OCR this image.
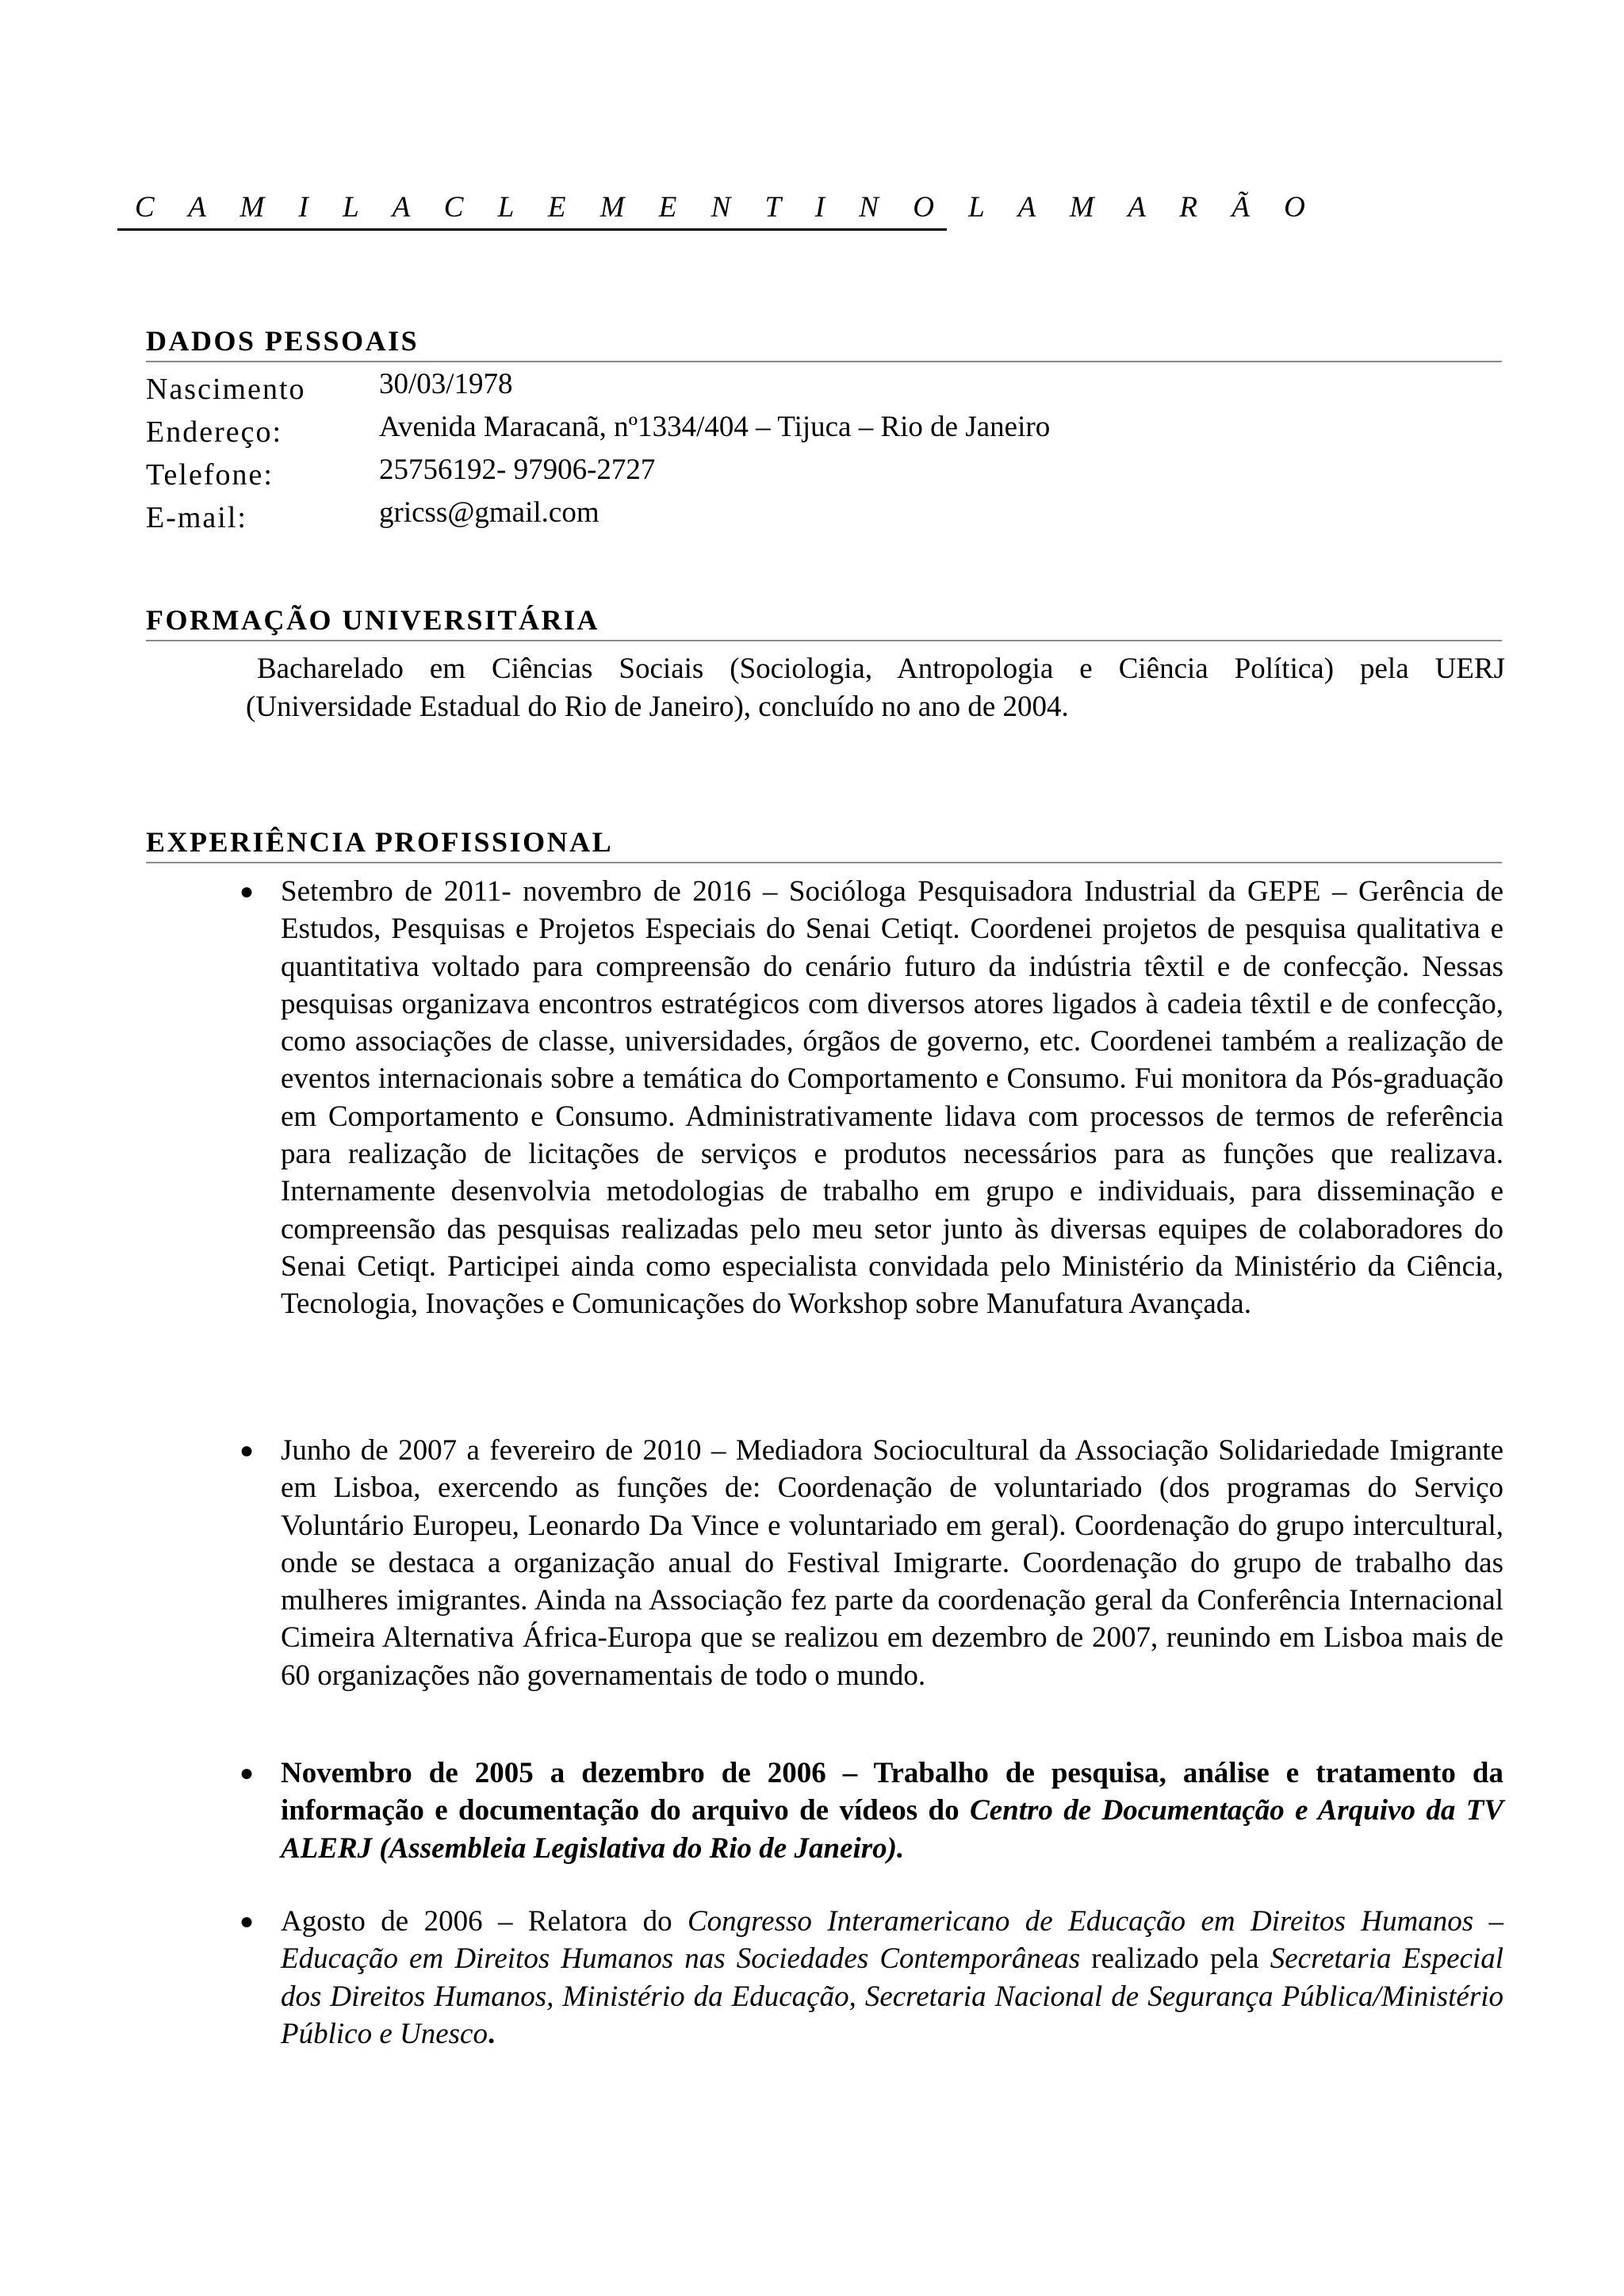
C A M I L A C L E M E N T I N O L A M A R Ã O
DADOS PESSOAIS
Nascimento 30/03/1978
Endereço:	Avenida Maracanã, nº1334/404 – Tijuca – Rio de Janeiro
Telefone:	25756192- 97906-2727
E-mail:	gricss@gmail.com
FORMAÇÃO UNIVERSITÁRIA
Bacharelado em Ciências Sociais (Sociologia, Antropologia e Ciência Política) pela UERJ
(Universidade Estadual do Rio de Janeiro), concluído no ano de 2004.
EXPERIÊNCIA PROFISSIONAL
● Setembro de 2011- novembro de 2016 – Socióloga Pesquisadora Industrial da GEPE – Gerência de Estudos, Pesquisas e Projetos Especiais do Senai Cetiqt. Coordenei projetos de pesquisa qualitativa e quantitativa voltado para compreensão do cenário futuro da indústria têxtil e de confecção. Nessas pesquisas organizava encontros estratégicos com diversos atores ligados à cadeia têxtil e de confecção, como associações de classe, universidades, órgãos de governo, etc. Coordenei também a realização de eventos internacionais sobre a temática do Comportamento e Consumo. Fui monitora da Pós-graduação em Comportamento e Consumo. Administrativamente lidava com processos de termos de referência para realização de licitações de serviços e produtos necessários para as funções que realizava. Internamente desenvolvia metodologias de trabalho em grupo e individuais, para disseminação e compreensão das pesquisas realizadas pelo meu setor junto às diversas equipes de colaboradores do Senai Cetiqt. Participei ainda como especialista convidada pelo Ministério da Ministério da Ciência, Tecnologia, Inovações e Comunicações do Workshop sobre Manufatura Avançada.
● Junho de 2007 a fevereiro de 2010 – Mediadora Sociocultural da Associação Solidariedade Imigrante em Lisboa, exercendo as funções de: Coordenação de voluntariado (dos programas do Serviço Voluntário Europeu, Leonardo Da Vince e voluntariado em geral). Coordenação do grupo intercultural, onde se destaca a organização anual do Festival Imigrarte. Coordenação do grupo de trabalho das mulheres imigrantes. Ainda na Associação fez parte da coordenação geral da Conferência Internacional Cimeira Alternativa África-Europa que se realizou em dezembro de 2007, reunindo em Lisboa mais de 60 organizações não governamentais de todo o mundo.
● Novembro de 2005 a dezembro de 2006 – Trabalho de pesquisa, análise e tratamento da informação e documentação do arquivo de vídeos do Centro de Documentação e Arquivo da TV ALERJ (Assembleia Legislativa do Rio de Janeiro).
● Agosto de 2006 – Relatora do Congresso Interamericano de Educação em Direitos Humanos – Educação em Direitos Humanos nas Sociedades Contemporâneas realizado pela Secretaria Especial dos Direitos Humanos, Ministério da Educação, Secretaria Nacional de Segurança Pública/Ministério Público e Unesco.
